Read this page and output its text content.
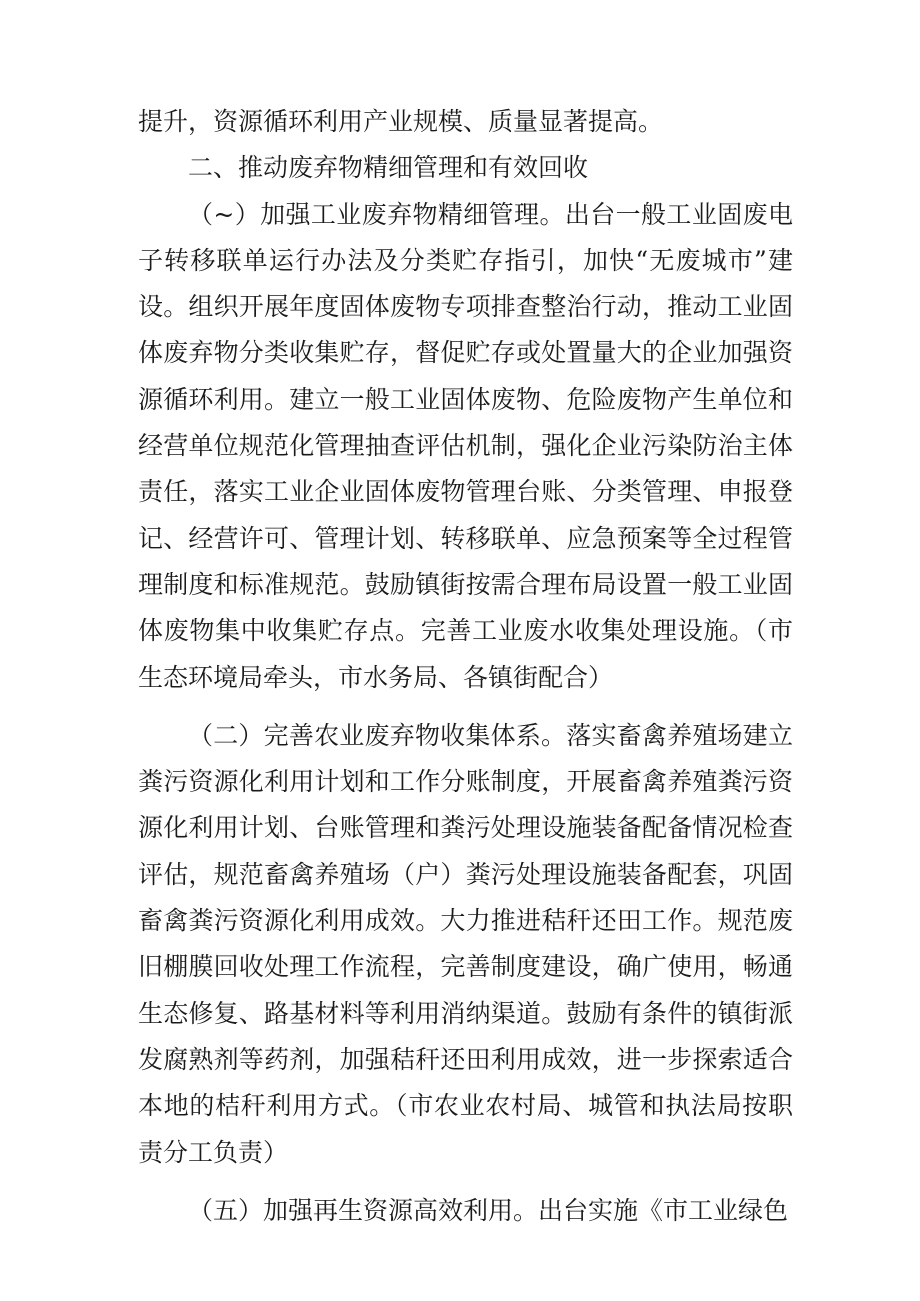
提升，资源循环利用产业规模、质量显著提高。

二、推动废弃物精细管理和有效回收

（~）加强工业废弃物精细管理。出台一般工业固废电子转移联单运行办法及分类贮存指引，加快“无废城市”建设。组织开展年度固体废物专项排查整治行动，推动工业固体废弃物分类收集贮存，督促贮存或处置量大的企业加强资源循环利用。建立一般工业固体废物、危险废物产生单位和经营单位规范化管理抽查评估机制，强化企业污染防治主体责任，落实工业企业固体废物管理台账、分类管理、申报登记、经营许可、管理计划、转移联单、应急预案等全过程管理制度和标准规范。鼓励镇街按需合理布局设置一般工业固体废物集中收集贮存点。完善工业废水收集处理设施。（市生态环境局牵头，市水务局、各镇街配合）

（二）完善农业废弃物收集体系。落实畜禽养殖场建立粪污资源化利用计划和工作分账制度，开展畜禽养殖粪污资源化利用计划、台账管理和粪污处理设施装备配备情况检查评估，规范畜禽养殖场（户）粪污处理设施装备配套，巩固畜禽粪污资源化利用成效。大力推进秸秆还田工作。规范废旧棚膜回收处理工作流程，完善制度建设，确广使用，畅通生态修复、路基材料等利用消纳渠道。鼓励有条件的镇街派发腐熟剂等药剂，加强秸秆还田利用成效，进一步探索适合本地的桔秆利用方式。（市农业农村局、城管和执法局按职责分工负责）

（五）加强再生资源高效利用。出台实施《市工业绿色
